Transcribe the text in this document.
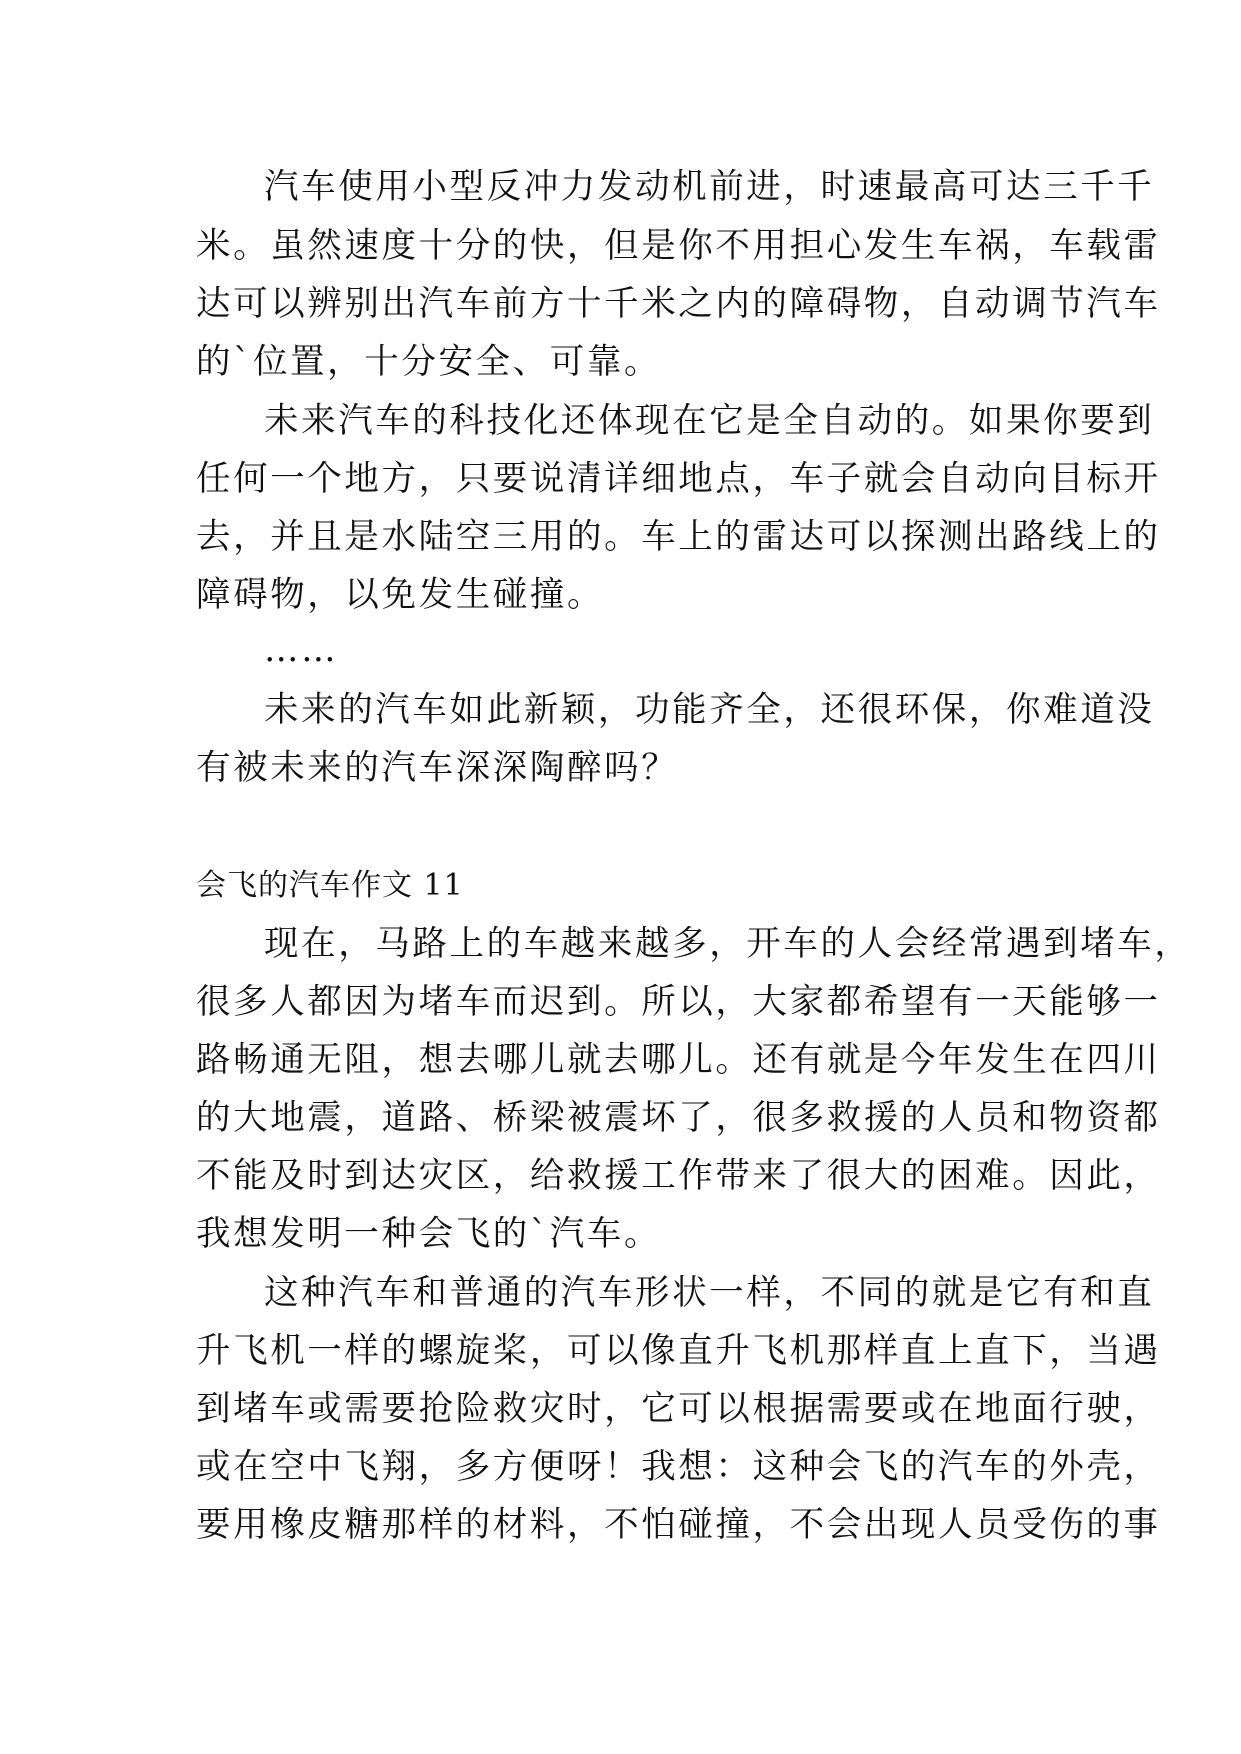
汽车使用小型反冲力发动机前进，时速最高可达三千千
米。虽然速度十分的快，但是你不用担心发生车祸，车载雷
达可以辨别出汽车前方十千米之内的障碍物，自动调节汽车
的`位置，十分安全、可靠。
未来汽车的科技化还体现在它是全自动的。如果你要到
任何一个地方，只要说清详细地点，车子就会自动向目标开
去，并且是水陆空三用的。车上的雷达可以探测出路线上的
障碍物，以免发生碰撞。
……
未来的汽车如此新颖，功能齐全，还很环保，你难道没
有被未来的汽车深深陶醉吗？
会飞的汽车作文 11
现在，马路上的车越来越多，开车的人会经常遇到堵车，
很多人都因为堵车而迟到。所以，大家都希望有一天能够一
路畅通无阻，想去哪儿就去哪儿。还有就是今年发生在四川
的大地震，道路、桥梁被震坏了，很多救援的人员和物资都
不能及时到达灾区，给救援工作带来了很大的困难。因此，
我想发明一种会飞的`汽车。
这种汽车和普通的汽车形状一样，不同的就是它有和直
升飞机一样的螺旋桨，可以像直升飞机那样直上直下，当遇
到堵车或需要抢险救灾时，它可以根据需要或在地面行驶，
或在空中飞翔，多方便呀！我想：这种会飞的汽车的外壳，
要用橡皮糖那样的材料，不怕碰撞，不会出现人员受伤的事
